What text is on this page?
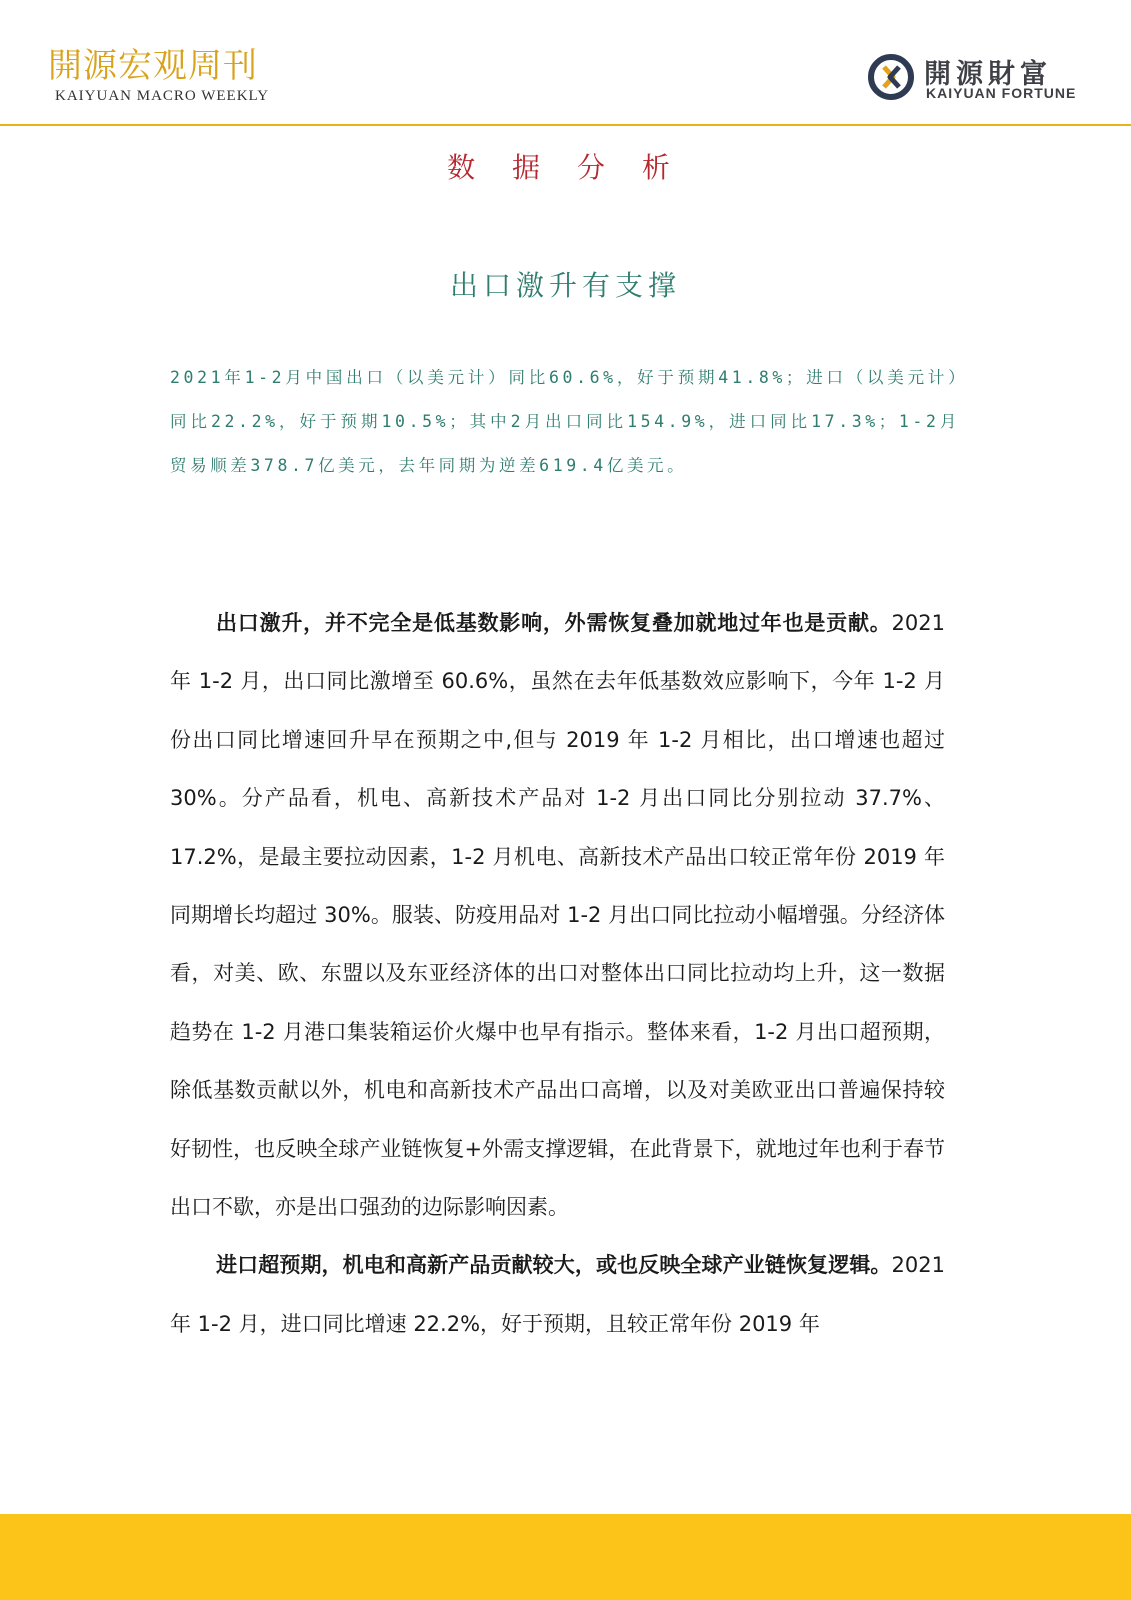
開源宏观周刊
KAIYUAN MACRO WEEKLY
開源財富
KAIYUAN FORTUNE
数 据 分 析
出口激升有支撑

2021年1-2月中国出口（以美元计）同比60.6%，好于预期41.8%；进口（以美元计）同比22.2%，好于预期10.5%；其中2月出口同比154.9%，进口同比17.3%；1-2月贸易顺差378.7亿美元，去年同期为逆差619.4亿美元。

出口激升，并不完全是低基数影响，外需恢复叠加就地过年也是贡献。2021 年 1-2 月，出口同比激增至 60.6%，虽然在去年低基数效应影响下，今年 1-2 月份出口同比增速回升早在预期之中,但与 2019 年 1-2 月相比，出口增速也超过 30%。分产品看，机电、高新技术产品对 1-2 月出口同比分别拉动 37.7%、 17.2%，是最主要拉动因素，1-2 月机电、高新技术产品出口较正常年份 2019 年同期增长均超过 30%。服装、防疫用品对 1-2 月出口同比拉动小幅增强。分经济体看，对美、欧、东盟以及东亚经济体的出口对整体出口同比拉动均上升，这一数据趋势在 1-2 月港口集装箱运价火爆中也早有指示。整体来看，1-2 月出口超预期，除低基数贡献以外，机电和高新技术产品出口高增，以及对美欧亚出口普遍保持较好韧性，也反映全球产业链恢复+外需支撑逻辑，在此背景下，就地过年也利于春节出口不歇，亦是出口强劲的边际影响因素。

进口超预期，机电和高新产品贡献较大，或也反映全球产业链恢复逻辑。2021 年 1-2 月，进口同比增速 22.2%，好于预期，且较正常年份 2019 年
